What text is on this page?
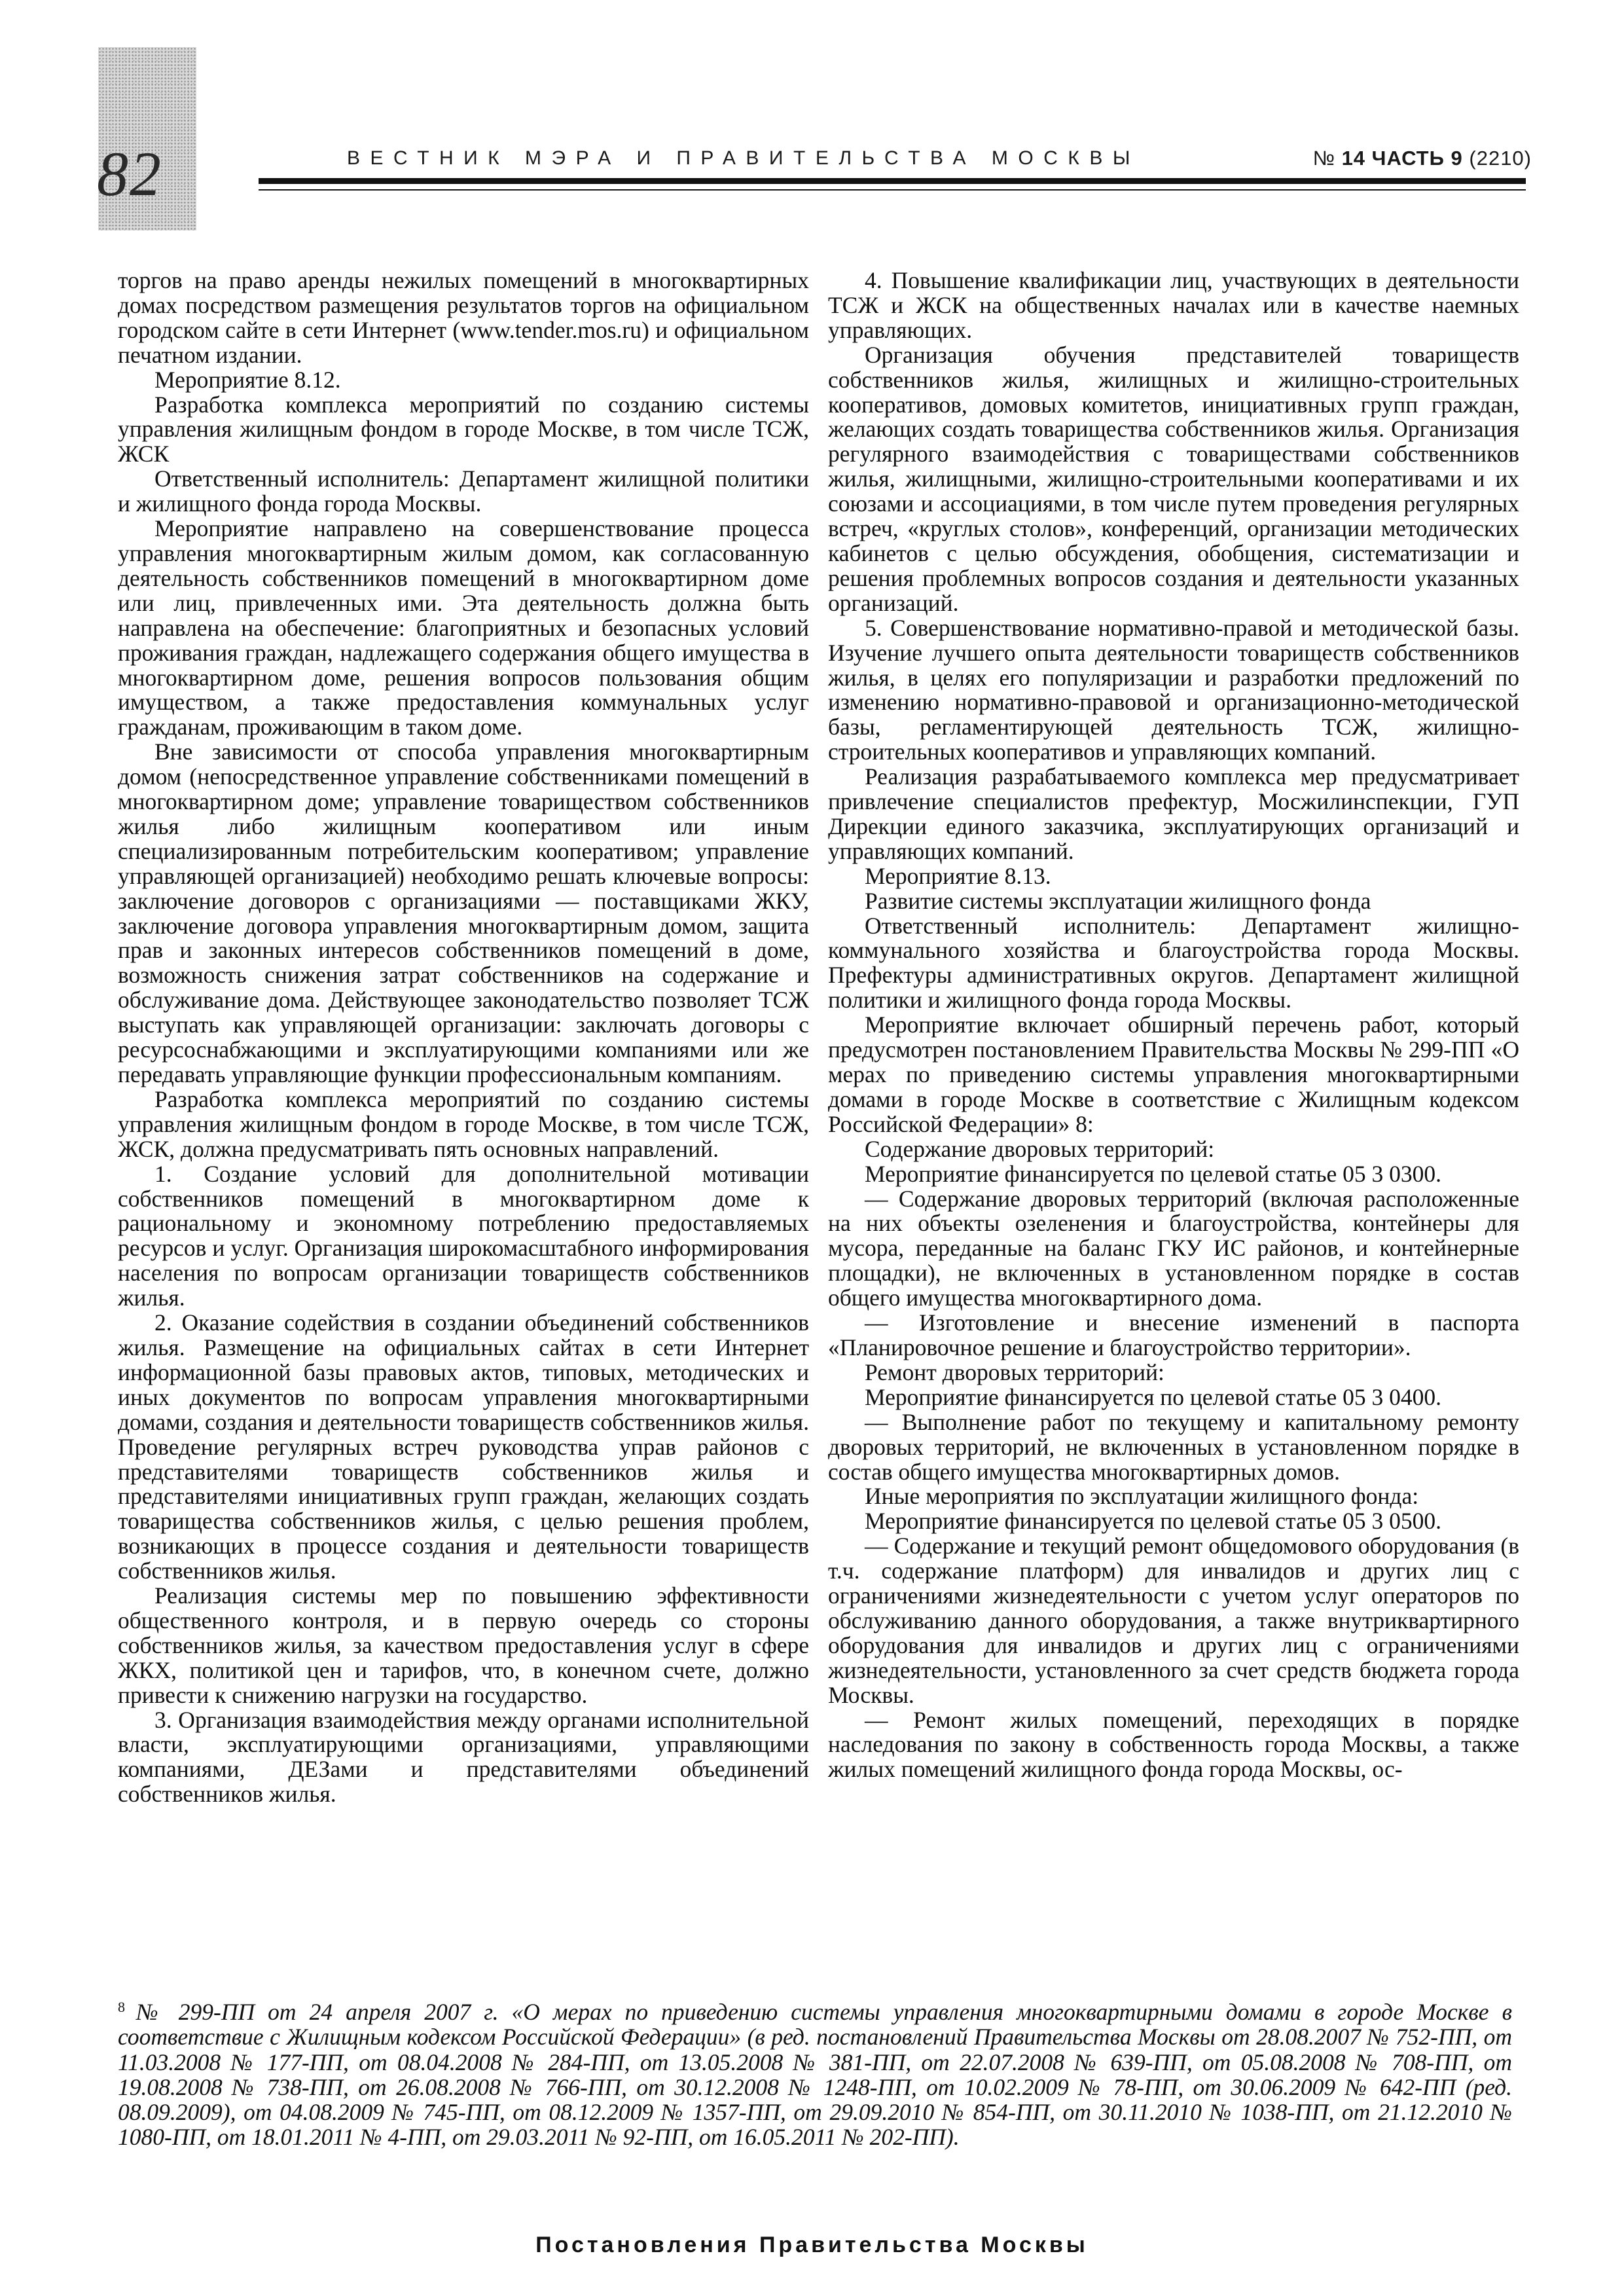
82	ВЕСТНИК МЭРА И ПРАВИТЕЛЬСТВА МОСКВЫ	№ 14 ЧАСТЬ 9 (2210)

торгов на право аренды нежилых помещений в многоквартирных домах посредством размещения результатов торгов на официальном городском сайте в сети Интернет (www.tender.mos.ru) и официальном печатном издании.

Мероприятие 8.12.

Разработка комплекса мероприятий по созданию системы управления жилищным фондом в городе Москве, в том числе ТСЖ, ЖСК

Ответственный исполнитель: Департамент жилищной политики и жилищного фонда города Москвы.

Мероприятие направлено на совершенствование процесса управления многоквартирным жилым домом, как согласованную деятельность собственников помещений в многоквартирном доме или лиц, привлеченных ими. Эта деятельность должна быть направлена на обеспечение: благоприятных и безопасных условий проживания граждан, надлежащего содержания общего имущества в многоквартирном доме, решения вопросов пользования общим имуществом, а также предоставления коммунальных услуг гражданам, проживающим в таком доме.

Вне зависимости от способа управления многоквартирным домом (непосредственное управление собственниками помещений в многоквартирном доме; управление товариществом собственников жилья либо жилищным кооперативом или иным специализированным потребительским кооперативом; управление управляющей организацией) необходимо решать ключевые вопросы: заключение договоров с организациями — поставщиками ЖКУ, заключение договора управления многоквартирным домом, защита прав и законных интересов собственников помещений в доме, возможность снижения затрат собственников на содержание и обслуживание дома. Действующее законодательство позволяет ТСЖ выступать как управляющей организации: заключать договоры с ресурсоснабжающими и эксплуатирующими компаниями или же передавать управляющие функции профессиональным компаниям.

Разработка комплекса мероприятий по созданию системы управления жилищным фондом в городе Москве, в том числе ТСЖ, ЖСК, должна предусматривать пять основных направлений.

1. Создание условий для дополнительной мотивации собственников помещений в многоквартирном доме к рациональному и экономному потреблению предоставляемых ресурсов и услуг. Организация широкомасштабного информирования населения по вопросам организации товариществ собственников жилья.

2. Оказание содействия в создании объединений собственников жилья. Размещение на официальных сайтах в сети Интернет информационной базы правовых актов, типовых, методических и иных документов по вопросам управления многоквартирными домами, создания и деятельности товариществ собственников жилья. Проведение регулярных встреч руководства управ районов с представителями товариществ собственников жилья и представителями инициативных групп граждан, желающих создать товарищества собственников жилья, с целью решения проблем, возникающих в процессе создания и деятельности товариществ собственников жилья.

Реализация системы мер по повышению эффективности общественного контроля, и в первую очередь со стороны собственников жилья, за качеством предоставления услуг в сфере ЖКХ, политикой цен и тарифов, что, в конечном счете, должно привести к снижению нагрузки на государство.

3. Организация взаимодействия между органами исполнительной власти, эксплуатирующими организациями, управляющими компаниями, ДЕЗами и представителями объединений собственников жилья.

4. Повышение квалификации лиц, участвующих в деятельности ТСЖ и ЖСК на общественных началах или в качестве наемных управляющих.

Организация обучения представителей товариществ собственников жилья, жилищных и жилищно-строительных кооперативов, домовых комитетов, инициативных групп граждан, желающих создать товарищества собственников жилья. Организация регулярного взаимодействия с товариществами собственников жилья, жилищными, жилищно-строительными кооперативами и их союзами и ассоциациями, в том числе путем проведения регулярных встреч, «круглых столов», конференций, организации методических кабинетов с целью обсуждения, обобщения, систематизации и решения проблемных вопросов создания и деятельности указанных организаций.

5. Совершенствование нормативно-правой и методической базы. Изучение лучшего опыта деятельности товариществ собственников жилья, в целях его популяризации и разработки предложений по изменению нормативно-правовой и организационно-методической базы, регламентирующей деятельность ТСЖ, жилищно-строительных кооперативов и управляющих компаний.

Реализация разрабатываемого комплекса мер предусматривает привлечение специалистов префектур, Мосжилинспекции, ГУП Дирекции единого заказчика, эксплуатирующих организаций и управляющих компаний.

Мероприятие 8.13.

Развитие системы эксплуатации жилищного фонда

Ответственный исполнитель: Департамент жилищно-коммунального хозяйства и благоустройства города Москвы. Префектуры административных округов. Департамент жилищной политики и жилищного фонда города Москвы.

Мероприятие включает обширный перечень работ, который предусмотрен постановлением Правительства Москвы № 299-ПП «О мерах по приведению системы управления многоквартирными домами в городе Москве в соответствие с Жилищным кодексом Российской Федерации» 8:

Содержание дворовых территорий:

Мероприятие финансируется по целевой статье 05 3 0300.

— Содержание дворовых территорий (включая расположенные на них объекты озеленения и благоустройства, контейнеры для мусора, переданные на баланс ГКУ ИС районов, и контейнерные площадки), не включенных в установленном порядке в состав общего имущества многоквартирного дома.

— Изготовление и внесение изменений в паспорта «Планировочное решение и благоустройство территории».

Ремонт дворовых территорий:

Мероприятие финансируется по целевой статье 05 3 0400.

— Выполнение работ по текущему и капитальному ремонту дворовых территорий, не включенных в установленном порядке в состав общего имущества многоквартирных домов.

Иные мероприятия по эксплуатации жилищного фонда:

Мероприятие финансируется по целевой статье 05 3 0500.

— Содержание и текущий ремонт общедомового оборудования (в т.ч. содержание платформ) для инвалидов и других лиц с ограничениями жизнедеятельности с учетом услуг операторов по обслуживанию данного оборудования, а также внутриквартирного оборудования для инвалидов и других лиц с ограничениями жизнедеятельности, установленного за счет средств бюджета города Москвы.

— Ремонт жилых помещений, переходящих в порядке наследования по закону в собственность города Москвы, а также жилых помещений жилищного фонда города Москвы, ос-

$^8$ № 299-ПП от 24 апреля 2007 г. «О мерах по приведению системы управления многоквартирными домами в городе Москве в соответствие с Жилищным кодексом Российской Федерации» (в ред. постановлений Правительства Москвы от 28.08.2007 № 752-ПП, от 11.03.2008 № 177-ПП, от 08.04.2008 № 284-ПП, от 13.05.2008 № 381-ПП, от 22.07.2008 № 639-ПП, от 05.08.2008 № 708-ПП, от 19.08.2008 № 738-ПП, от 26.08.2008 № 766-ПП, от 30.12.2008 № 1248-ПП, от 10.02.2009 № 78-ПП, от 30.06.2009 № 642-ПП (ред. 08.09.2009), от 04.08.2009 № 745-ПП, от 08.12.2009 № 1357-ПП, от 29.09.2010 № 854-ПП, от 30.11.2010 № 1038-ПП, от 21.12.2010 № 1080-ПП, от 18.01.2011 № 4-ПП, от 29.03.2011 № 92-ПП, от 16.05.2011 № 202-ПП).
Постановления Правительства Москвы
